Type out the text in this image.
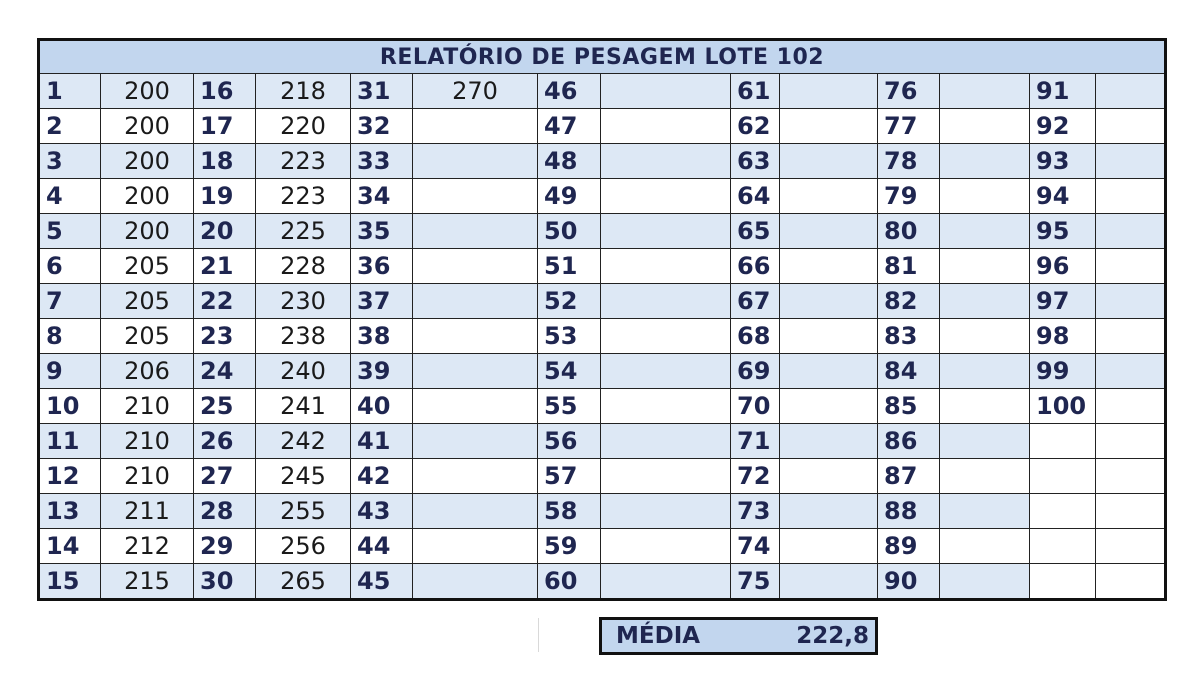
RELATÓRIO DE PESAGEM LOTE 102													
1	200	16	218	31	270	46		61		76		91	
2	200	17	220	32		47		62		77		92	
3	200	18	223	33		48		63		78		93	
4	200	19	223	34		49		64		79		94	
5	200	20	225	35		50		65		80		95	
6	205	21	228	36		51		66		81		96	
7	205	22	230	37		52		67		82		97	
8	205	23	238	38		53		68		83		98	
9	206	24	240	39		54		69		84		99	
10	210	25	241	40		55		70		85		100	
11	210	26	242	41		56		71		86			
12	210	27	245	42		57		72		87			
13	211	28	255	43		58		73		88			
14	212	29	256	44		59		74		89			
15	215	30	265	45		60		75		90			
MÉDIA	222,8
